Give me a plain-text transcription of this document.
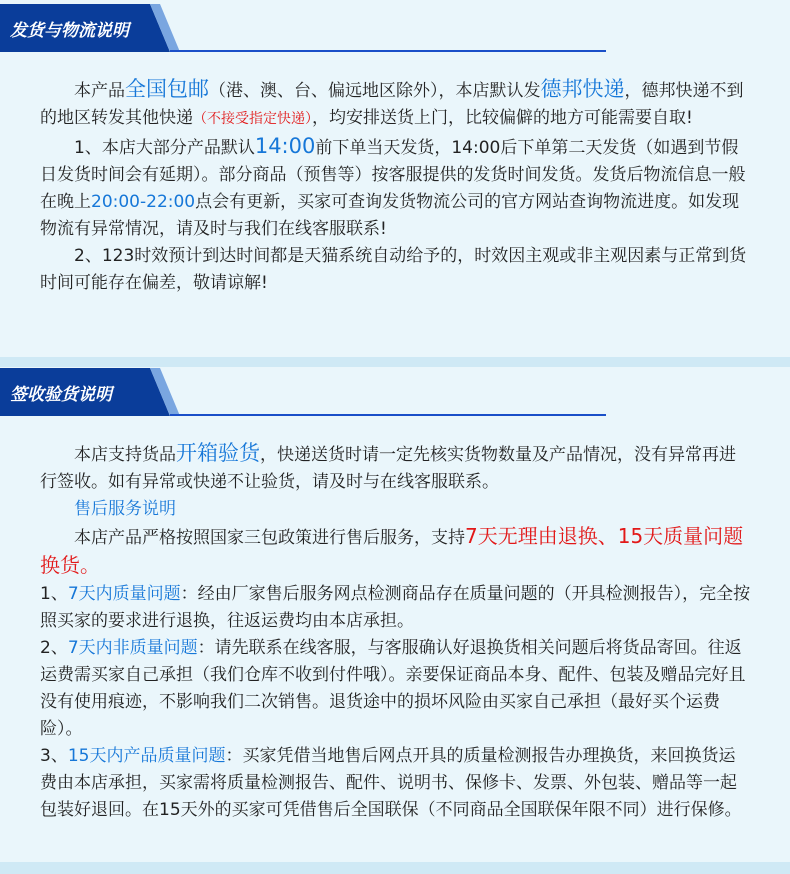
发货与物流说明

本产品全国包邮（港、澳、台、偏远地区除外），本店默认发德邦快递，德邦快递不到的地区转发其他快递（不接受指定快递），均安排送货上门，比较偏僻的地方可能需要自取!

1、本店大部分产品默认14:00前下单当天发货，14:00后下单第二天发货（如遇到节假日发货时间会有延期）。部分商品（预售等）按客服提供的发货时间发货。发货后物流信息一般在晚上20:00-22:00点会有更新，买家可查询发货物流公司的官方网站查询物流进度。如发现物流有异常情况，请及时与我们在线客服联系!

2、123时效预计到达时间都是天猫系统自动给予的，时效因主观或非主观因素与正常到货时间可能存在偏差，敬请谅解!

签收验货说明

本店支持货品开箱验货，快递送货时请一定先核实货物数量及产品情况，没有异常再进行签收。如有异常或快递不让验货，请及时与在线客服联系。

售后服务说明

本店产品严格按照国家三包政策进行售后服务，支持7天无理由退换、15天质量问题换货。

1、7天内质量问题：经由厂家售后服务网点检测商品存在质量问题的（开具检测报告），完全按照买家的要求进行退换，往返运费均由本店承担。

2、7天内非质量问题：请先联系在线客服，与客服确认好退换货相关问题后将货品寄回。往返运费需买家自己承担（我们仓库不收到付件哦）。亲要保证商品本身、配件、包装及赠品完好且没有使用痕迹，不影响我们二次销售。退货途中的损坏风险由买家自己承担（最好买个运费险）。

3、15天内产品质量问题：买家凭借当地售后网点开具的质量检测报告办理换货，来回换货运费由本店承担，买家需将质量检测报告、配件、说明书、保修卡、发票、外包装、赠品等一起包装好退回。在15天外的买家可凭借售后全国联保（不同商品全国联保年限不同）进行保修。
